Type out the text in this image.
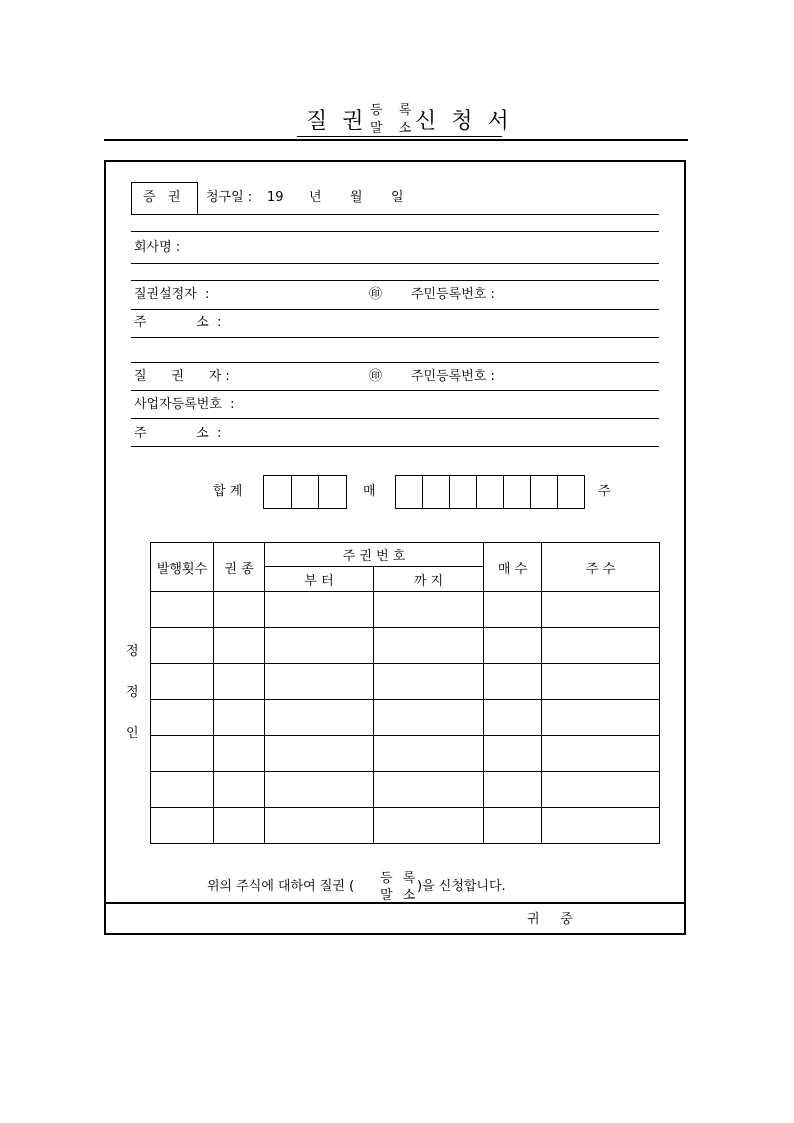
질 권 등 록
말 소
신 청 서
증   권 청구일 : 19 년 월 일
회사명 :
질권설정자  :	㊞ 주민등록번호 :
주            소  :
질      권      자 :	㊞ 주민등록번호 :
사업자등록번호  :
주            소  :
합 계	매	주
정
정
인
발행횟수	권 종	주 권 번 호		매 수	주 수
		부 터	까 지		

위의 주식에 대하여 질권 (
등 록
말 소
)을 신청합니다.
귀     중
